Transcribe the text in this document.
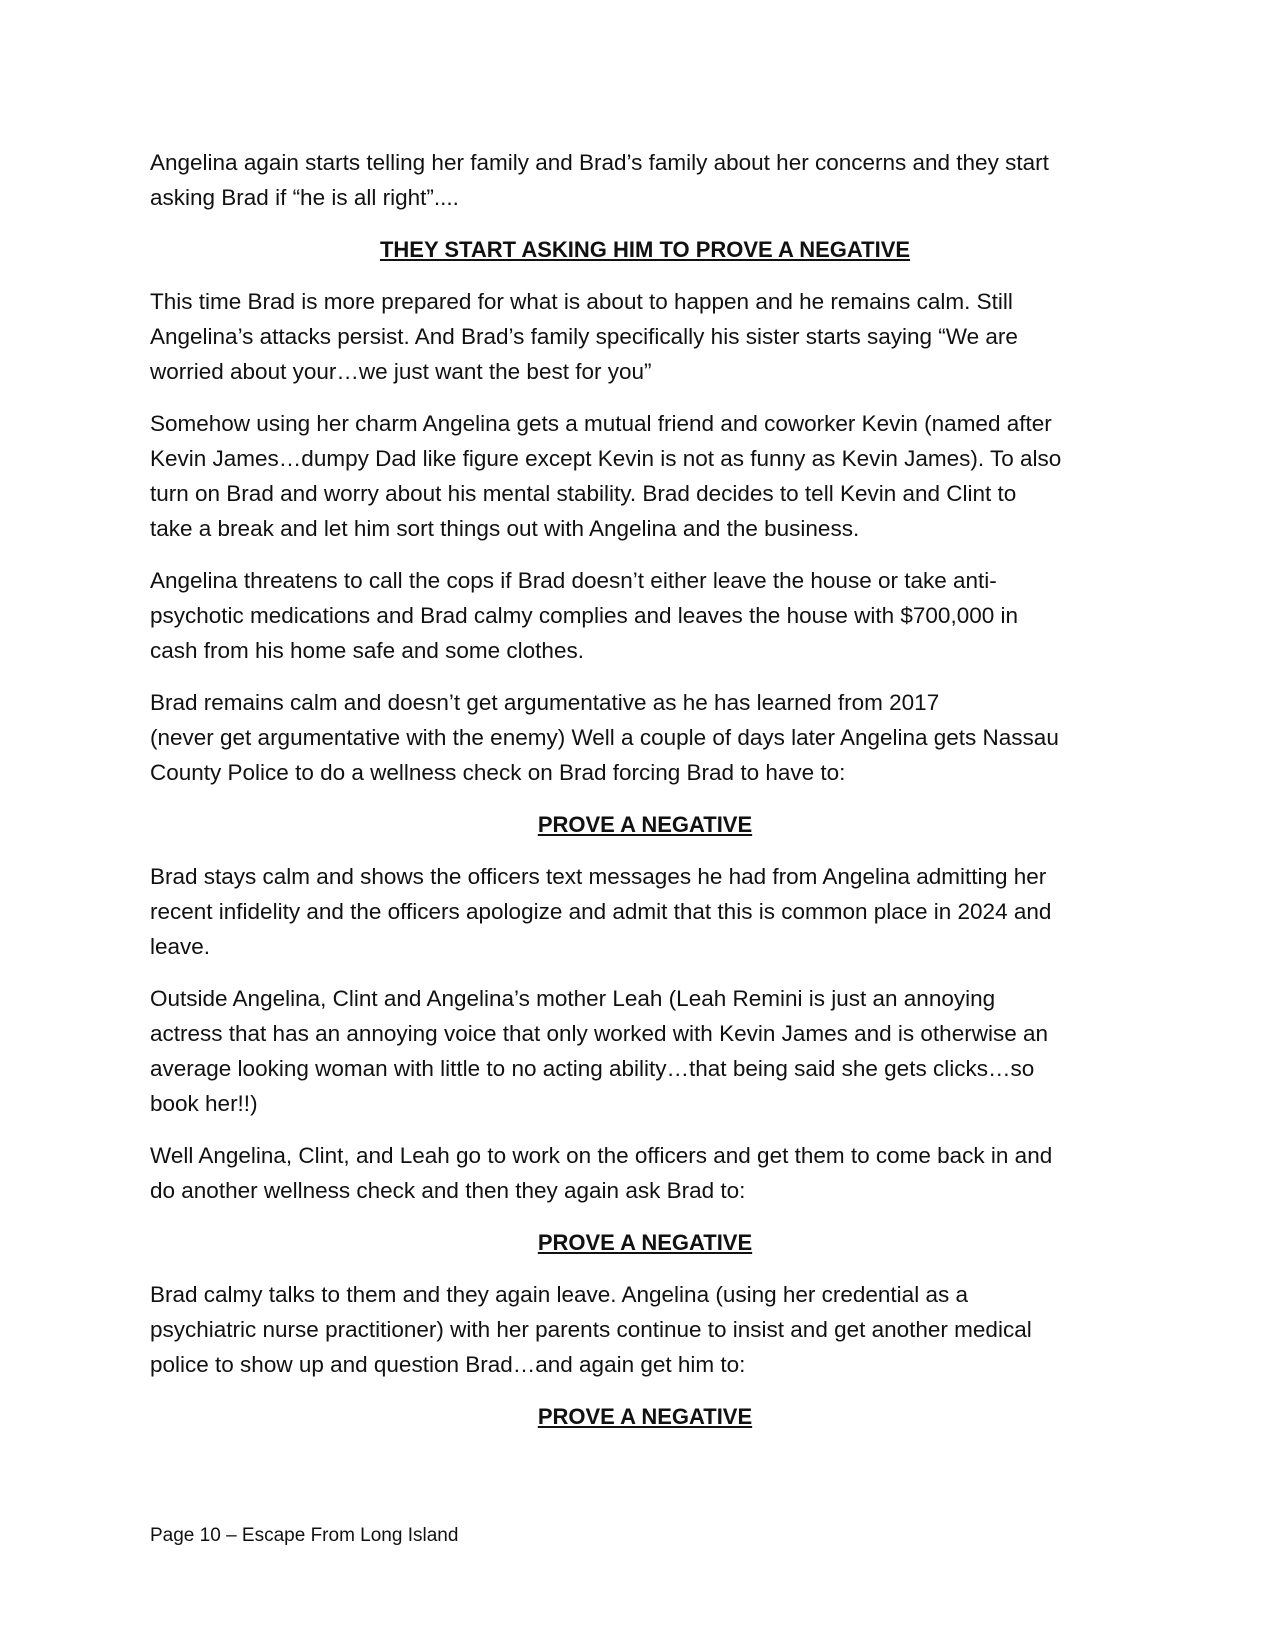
Angelina again starts telling her family and Brad’s family about her concerns and they start
asking Brad if “he is all right”....
THEY START ASKING HIM TO PROVE A NEGATIVE
This time Brad is more prepared for what is about to happen and he remains calm. Still
Angelina’s attacks persist. And Brad’s family specifically his sister starts saying “We are
worried about your…we just want the best for you”
Somehow using her charm Angelina gets a mutual friend and coworker Kevin (named after
Kevin James…dumpy Dad like figure except Kevin is not as funny as Kevin James). To also
turn on Brad and worry about his mental stability. Brad decides to tell Kevin and Clint to
take a break and let him sort things out with Angelina and the business.
Angelina threatens to call the cops if Brad doesn’t either leave the house or take anti-
psychotic medications and Brad calmy complies and leaves the house with $700,000 in
cash from his home safe and some clothes.
Brad remains calm and doesn’t get argumentative as he has learned from 2017
(never get argumentative with the enemy) Well a couple of days later Angelina gets Nassau
County Police to do a wellness check on Brad forcing Brad to have to:
PROVE A NEGATIVE
Brad stays calm and shows the officers text messages he had from Angelina admitting her
recent infidelity and the officers apologize and admit that this is common place in 2024 and
leave.
Outside Angelina, Clint and Angelina’s mother Leah (Leah Remini is just an annoying
actress that has an annoying voice that only worked with Kevin James and is otherwise an
average looking woman with little to no acting ability…that being said she gets clicks…so
book her!!)
Well Angelina, Clint, and Leah go to work on the officers and get them to come back in and
do another wellness check and then they again ask Brad to:
PROVE A NEGATIVE
Brad calmy talks to them and they again leave. Angelina (using her credential as a
psychiatric nurse practitioner) with her parents continue to insist and get another medical
police to show up and question Brad…and again get him to:
PROVE A NEGATIVE
Page 10 – Escape From Long Island
